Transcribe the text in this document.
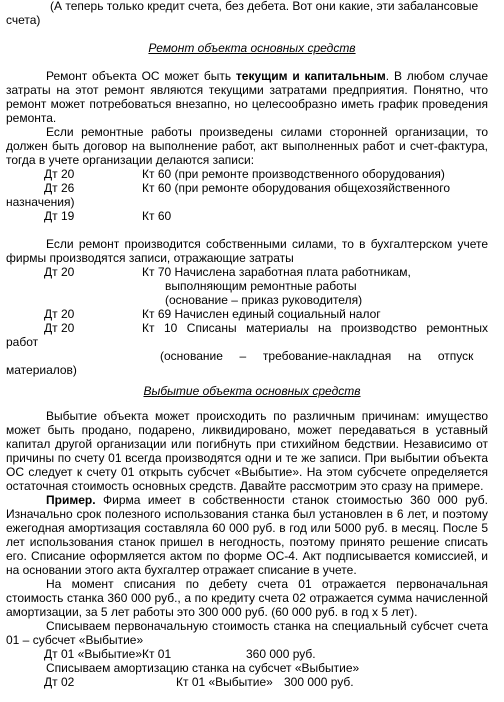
(А теперь только кредит счета, без дебета. Вот они какие, эти забалансовые
счета)
Ремонт объекта основных средств
Ремонт объекта ОС может быть текущим и капитальным. В любом случае
затраты на этот ремонт являются текущими затратами предприятия. Понятно, что
ремонт может потребоваться внезапно, но целесообразно иметь график проведения
ремонта.
Если ремонтные работы произведены силами сторонней организации, то
должен быть договор на выполнение работ, акт выполненных работ и счет-фактура,
тогда в учете организации делаются записи:
Дт 20	Кт 60 (при ремонте производственного оборудования)
Дт 26	Кт 60 (при ремонте оборудования общехозяйственного
назначения)
Дт 19	Кт 60
Если ремонт производится собственными силами, то в бухгалтерском учете
фирмы производятся записи, отражающие затраты
Дт 20	Кт 70 Начислена заработная плата работникам,
выполняющим ремонтные работы
(основание – приказ руководителя)
Дт 20	Кт 69 Начислен единый социальный налог
Дт 20	Кт 10 Списаны материалы на производство ремонтных
работ
(основание     –     требование-накладная     на     отпуск
материалов)
Выбытие объекта основных средств
Выбытие объекта может происходить по различным причинам: имущество
может быть продано, подарено, ликвидировано, может передаваться в уставный
капитал другой организации или погибнуть при стихийном бедствии. Независимо от
причины по счету 01 всегда производятся одни и те же записи. При выбытии объекта
ОС следует к счету 01 открыть субсчет «Выбытие». На этом субсчете определяется
остаточная стоимость основных средств. Давайте рассмотрим это сразу на примере.
Пример. Фирма имеет в собственности станок стоимостью 360 000 руб.
Изначально срок полезного использования станка был установлен в 6 лет, и поэтому
ежегодная амортизация составляла 60 000 руб. в год или 5000 руб. в месяц. После 5
лет использования станок пришел в негодность, поэтому принято решение списать
его. Списание оформляется актом по форме ОС-4. Акт подписывается комиссией, и
на основании этого акта бухгалтер отражает списание в учете.
На момент списания по дебету счета 01 отражается первоначальная
стоимость станка 360 000 руб., а по кредиту счета 02 отражается сумма начисленной
амортизации, за 5 лет работы это 300 000 руб. (60 000 руб. в год х 5 лет).
Списываем первоначальную стоимость станка на специальный субсчет счета
01 – субсчет «Выбытие»
Дт 01 «Выбытие»Кт 01	360 000 руб.
Списываем амортизацию станка на субсчет «Выбытие»
Дт 02	Кт 01 «Выбытие» 300 000 руб.
